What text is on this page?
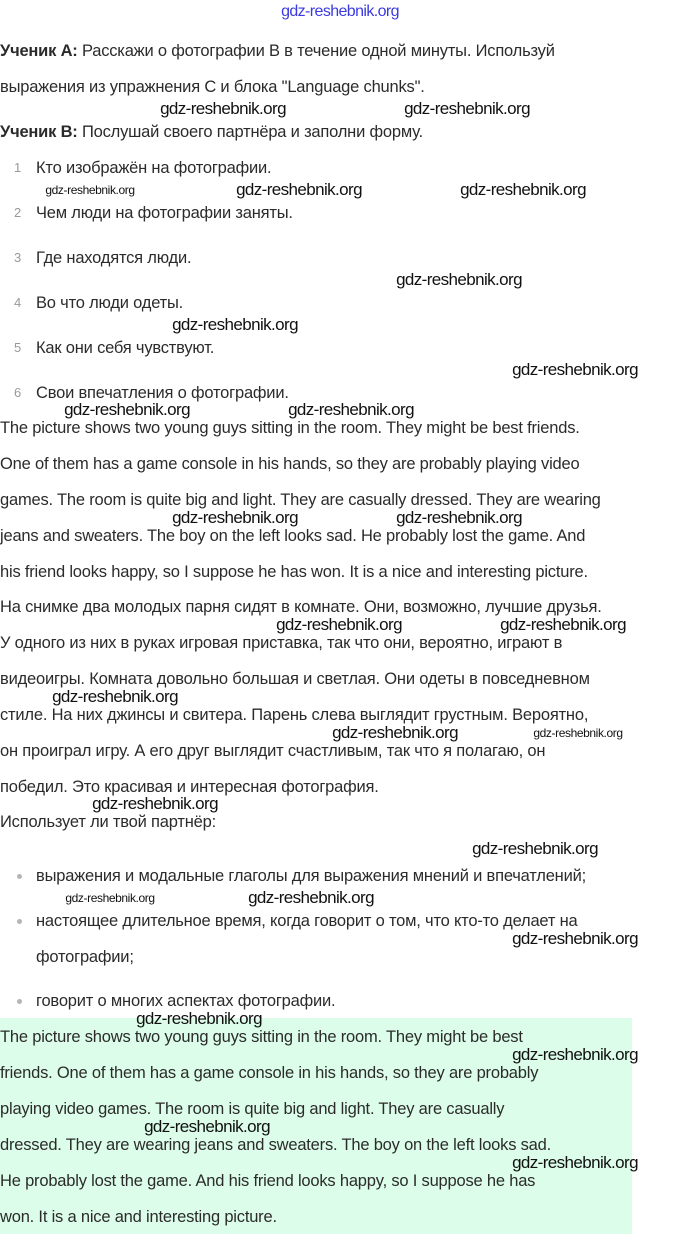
Ученик А: Расскажи о фотографии B в течение одной минуты. Используй
выражения из упражнения C и блока "Language chunks".
Ученик В: Послушай своего партнёра и заполни форму.
1 Кто изображён на фотографии.
2 Чем люди на фотографии заняты.
3 Где находятся люди.
4 Во что люди одеты.
5 Как они себя чувствуют.
6 Свои впечатления о фотографии.
The picture shows two young guys sitting in the room. They might be best friends.
One of them has a game console in his hands, so they are probably playing video
games. The room is quite big and light. They are casually dressed. They are wearing
jeans and sweaters. The boy on the left looks sad. He probably lost the game. And
his friend looks happy, so I suppose he has won. It is a nice and interesting picture.
На снимке два молодых парня сидят в комнате. Они, возможно, лучшие друзья.
У одного из них в руках игровая приставка, так что они, вероятно, играют в
видеоигры. Комната довольно большая и светлая. Они одеты в повседневном
стиле. На них джинсы и свитера. Парень слева выглядит грустным. Вероятно,
он проиграл игру. А его друг выглядит счастливым, так что я полагаю, он
победил. Это красивая и интересная фотография.
Использует ли твой партнёр:
выражения и модальные глаголы для выражения мнений и впечатлений;
настоящее длительное время, когда говорит о том, что кто-то делает на
фотографии;
говорит о многих аспектах фотографии.
The picture shows two young guys sitting in the room. They might be best
friends. One of them has a game console in his hands, so they are probably
playing video games. The room is quite big and light. They are casually
dressed. They are wearing jeans and sweaters. The boy on the left looks sad.
He probably lost the game. And his friend looks happy, so I suppose he has
won. It is a nice and interesting picture.
gdz-reshebnik.org
gdz-reshebnik.org	gdz-reshebnik.org
gdz-reshebnik.org	gdz-reshebnik.org	gdz-reshebnik.org
gdz-reshebnik.org
gdz-reshebnik.org
gdz-reshebnik.org
gdz-reshebnik.org	gdz-reshebnik.org
gdz-reshebnik.org	gdz-reshebnik.org
gdz-reshebnik.org	gdz-reshebnik.org
gdz-reshebnik.org
gdz-reshebnik.org	gdz-reshebnik.org
gdz-reshebnik.org
gdz-reshebnik.org
gdz-reshebnik.org	gdz-reshebnik.org
gdz-reshebnik.org
gdz-reshebnik.org
gdz-reshebnik.org
gdz-reshebnik.org
gdz-reshebnik.org
